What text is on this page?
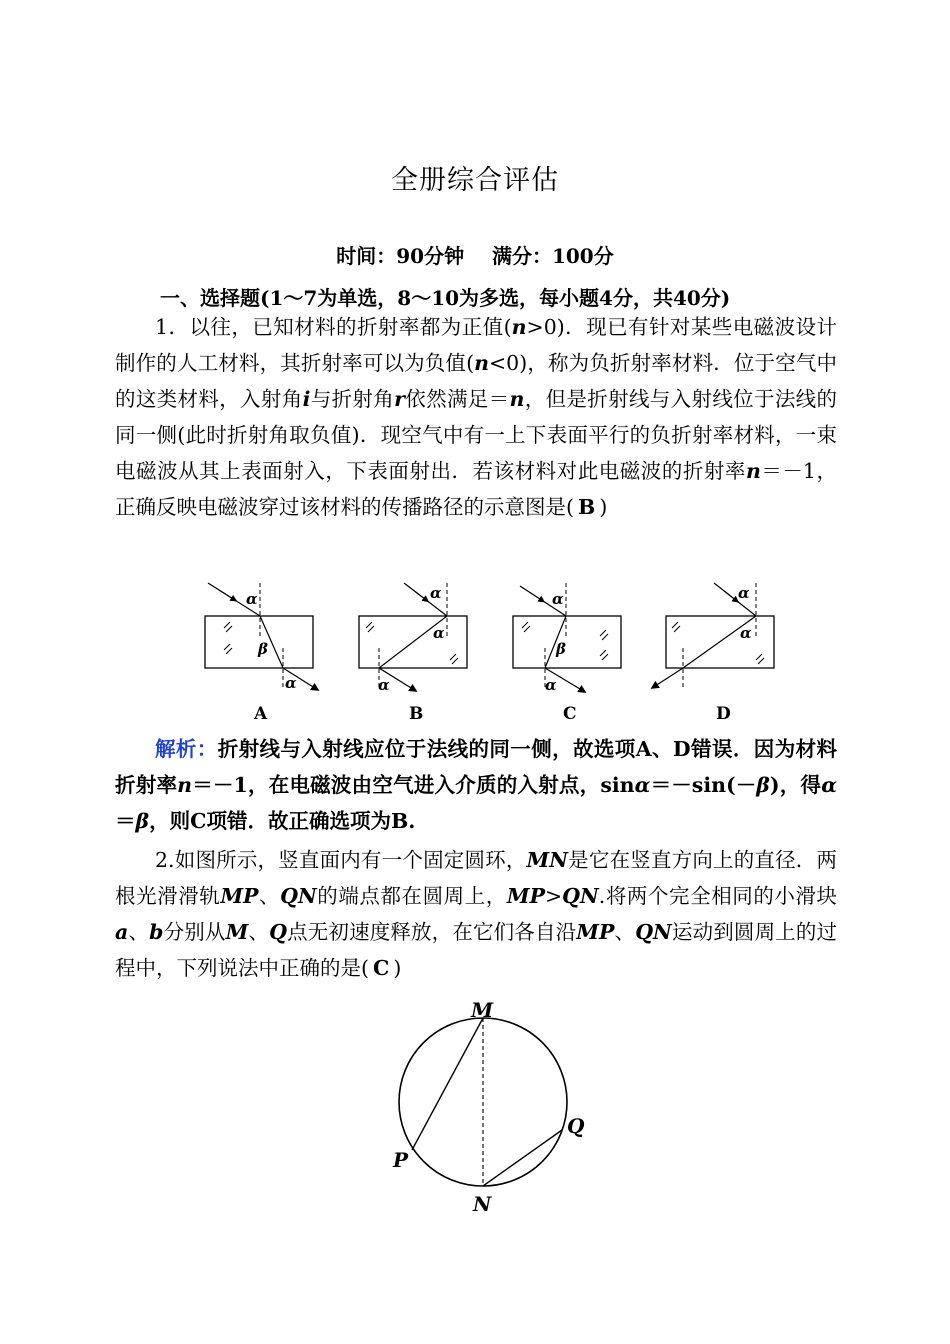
全册综合评估
时间：90分钟 满分：100分
一、选择题(1～7为单选，8～10为多选，每小题4分，共40分)
1．以往，已知材料的折射率都为正值(n>0)．现已有针对某些电磁波设计制作的人工材料，其折射率可以为负值(n<0)，称为负折射率材料．位于空气中的这类材料，入射角i与折射角r依然满足＝n，但是折射线与入射线位于法线的同一侧(此时折射角取负值)．现空气中有一上下表面平行的负折射率材料，一束电磁波从其上表面射入，下表面射出．若该材料对此电磁波的折射率n＝－1，正确反映电磁波穿过该材料的传播路径的示意图是( B )
α
β
α
A
α
α
α
B
α
β
α
C
α
α
D
解析：折射线与入射线应位于法线的同一侧，故选项A、D错误．因为材料折射率n＝－1，在电磁波由空气进入介质的入射点，sinα＝－sin(－β)，得α＝β，则C项错．故正确选项为B.
2.如图所示，竖直面内有一个固定圆环，MN是它在竖直方向上的直径．两根光滑滑轨MP、QN的端点都在圆周上，MP>QN.将两个完全相同的小滑块a、b分别从M、Q点无初速度释放，在它们各自沿MP、QN运动到圆周上的过程中，下列说法中正确的是( C )
M
N
P
Q
